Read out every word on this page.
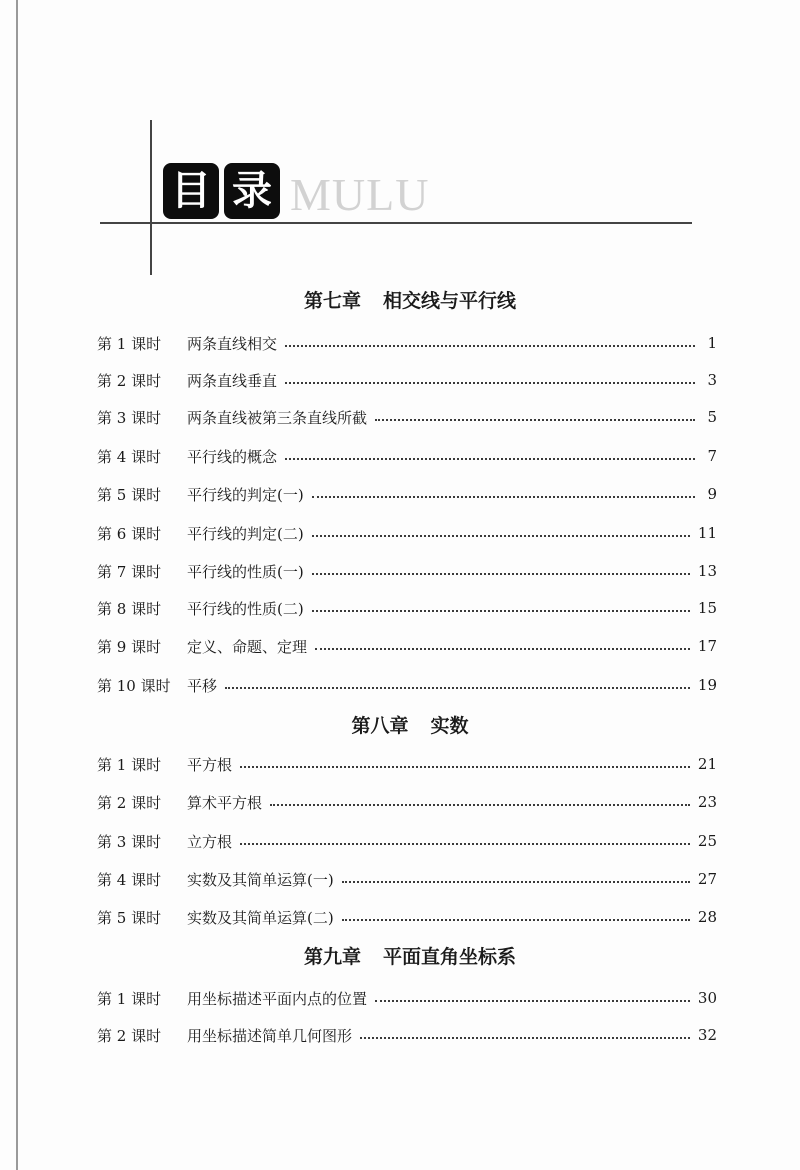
目 录 MULU
第七章 相交线与平行线
第 1 课时	两条直线相交	1
第 2 课时	两条直线垂直	3
第 3 课时	两条直线被第三条直线所截	5
第 4 课时	平行线的概念	7
第 5 课时	平行线的判定(一)	9
第 6 课时	平行线的判定(二)	11
第 7 课时	平行线的性质(一)	13
第 8 课时	平行线的性质(二)	15
第 9 课时	定义、命题、定理	17
第 10 课时	平移	19
第八章 实数
第 1 课时	平方根	21
第 2 课时	算术平方根	23
第 3 课时	立方根	25
第 4 课时	实数及其简单运算(一)	27
第 5 课时	实数及其简单运算(二)	28
第九章 平面直角坐标系
第 1 课时	用坐标描述平面内点的位置	30
第 2 课时	用坐标描述简单几何图形	32
